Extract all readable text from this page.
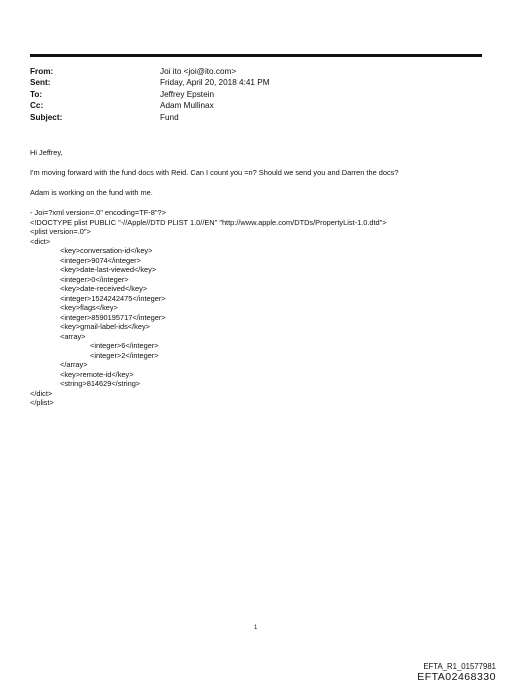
From:	Joi ito <joi@ito.com>
Sent:	Friday, April 20, 2018 4:41 PM
To:	Jeffrey Epstein
Cc:	Adam Mullinax
Subject:	Fund

Hi Jeffrey,

I'm moving forward with the fund docs with Reid. Can I count you =n? Should we send you and Darren the docs?

Adam is working on the fund with me.

- Joi=?xml version=.0" encoding=TF-8"?>
<!DOCTYPE plist PUBLIC "-//Apple//DTD PLIST 1.0//EN" "http://www.apple.com/DTDs/PropertyList-1.0.dtd">
<plist version=.0">
<dict>
<key>conversation-id</key>
<integer>9074</integer>
<key>date-last-viewed</key>
<integer>0</integer>
<key>date-received</key>
<integer>1524242475</integer>
<key>flags</key>
<integer>8590195717</integer>
<key>gmail-label-ids</key>
<array>
<integer>6</integer>
<integer>2</integer>
</array>
<key>remote-id</key>
<string>814629</string>
</dict>
</plist>
1
EFTA_R1_01577981
EFTA02468330
